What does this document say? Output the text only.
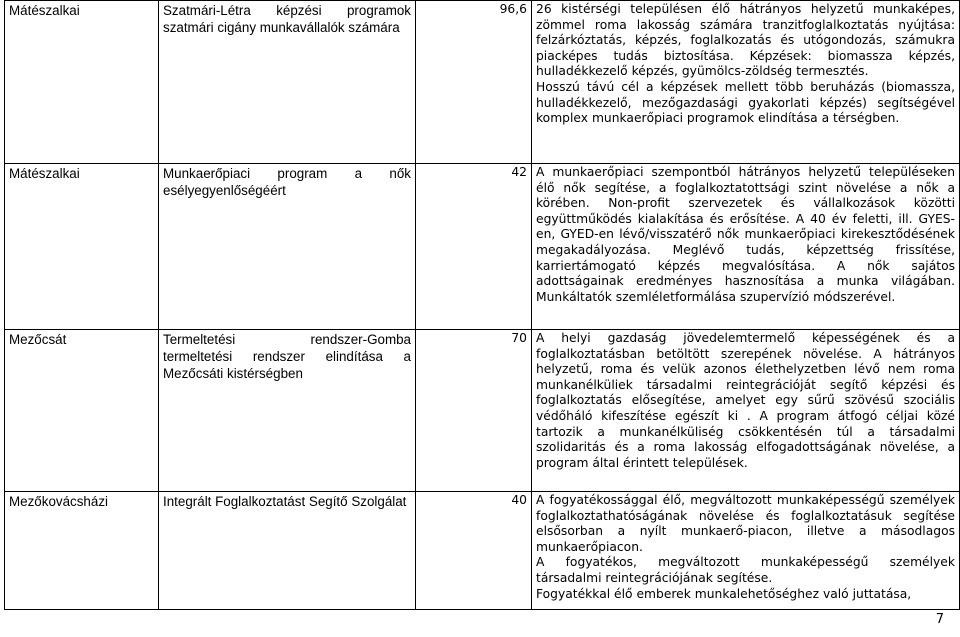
Mátészalkai	Szatmári-Létra képzési programok szatmári cigány munkavállalók számára	96,6	26 kistérségi településen élő hátrányos helyzetű munkaképes, zömmel roma lakosság számára tranzitfoglalkoztatás nyújtása: felzárkóztatás, képzés, foglalkozatás és utógondozás, számukra piacképes tudás biztosítása. Képzések: biomassza képzés, hulladékkezelő képzés, gyümölcs-zöldség termesztés.

Hosszú távú cél a képzések mellett több beruházás (biomassza, hulladékkezelő, mezőgazdasági gyakorlati képzés) segítségével komplex munkaerőpiaci programok elindítása a térségben.

Mátészalkai	Munkaerőpiaci program a nők esélyegyenlőségéért	42	A munkaerőpiaci szempontból hátrányos helyzetű településeken élő nők segítése, a foglalkoztatottsági szint növelése a nők a körében. Non-profit szervezetek és vállalkozások közötti együttműködés kialakítása és erősítése. A 40 év feletti, ill. GYES-en, GYED-en lévő/visszatérő nők munkaerőpiaci kirekesztődésének megakadályozása. Meglévő tudás, képzettség frissítése, karriertámogató képzés megvalósítása. A nők sajátos adottságainak eredményes hasznosítása a munka világában. Munkáltatók szemléletformálása szupervízió módszerével.

Mezőcsát	Termeltetési rendszer-Gomba termeltetési rendszer elindítása a Mezőcsáti kistérségben	70	A helyi gazdaság jövedelemtermelő képességének és a foglalkoztatásban betöltött szerepének növelése. A hátrányos helyzetű, roma és velük azonos élethelyzetben lévő nem roma munkanélküliek társadalmi reintegrációját segítő képzési és foglalkoztatás elősegítése, amelyet egy sűrű szövésű szociális védőháló kifeszítése egészít ki . A program átfogó céljai közé tartozik a munkanélküliség csökkentésén túl a társadalmi szolidaritás és a roma lakosság elfogadottságának növelése, a program által érintett települések.

Mezőkovácsházi	Integrált Foglalkoztatást Segítő Szolgálat	40	A fogyatékossággal élő, megváltozott munkaképességű személyek foglalkoztathatóságának növelése és foglalkoztatásuk segítése elsősorban a nyílt munkaerő-piacon, illetve a másodlagos munkaerőpiacon.

A fogyatékos, megváltozott munkaképességű személyek társadalmi reintegrációjának segítése.

Fogyatékkal élő emberek munkalehetőséghez való juttatása,

7
